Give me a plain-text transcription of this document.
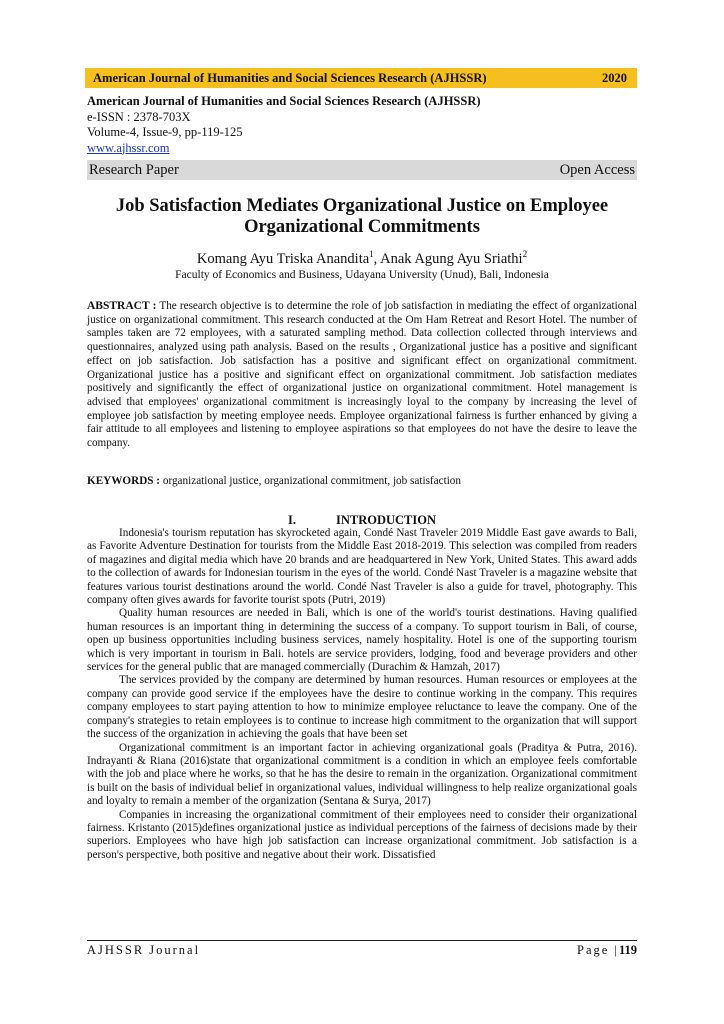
American Journal of Humanities and Social Sciences Research (AJHSSR)	2020
American Journal of Humanities and Social Sciences Research (AJHSSR)
e-ISSN : 2378-703X
Volume-4, Issue-9, pp-119-125
www.ajhssr.com
Research Paper	Open Access
Job Satisfaction Mediates Organizational Justice on Employee
Organizational Commitments
Komang Ayu Triska Anandita$^1$, Anak Agung Ayu Sriathi$^2$
Faculty of Economics and Business, Udayana University (Unud), Bali, Indonesia
ABSTRACT : The research objective is to determine the role of job satisfaction in mediating the effect of organizational justice on organizational commitment. This research conducted at the Om Ham Retreat and Resort Hotel. The number of samples taken are 72 employees, with a saturated sampling method. Data collection collected through interviews and questionnaires, analyzed using path analysis. Based on the results , Organizational justice has a positive and significant effect on job satisfaction. Job satisfaction has a positive and significant effect on organizational commitment. Organizational justice has a positive and significant effect on organizational commitment. Job satisfaction mediates positively and significantly the effect of organizational justice on organizational commitment. Hotel management is advised that employees' organizational commitment is increasingly loyal to the company by increasing the level of employee job satisfaction by meeting employee needs. Employee organizational fairness is further enhanced by giving a fair attitude to all employees and listening to employee aspirations so that employees do not have the desire to leave the company.
KEYWORDS : organizational justice, organizational commitment, job satisfaction
I.	INTRODUCTION

Indonesia's tourism reputation has skyrocketed again, Condé Nast Traveler 2019 Middle East gave awards to Bali, as Favorite Adventure Destination for tourists from the Middle East 2018-2019. This selection was compiled from readers of magazines and digital media which have 20 brands and are headquartered in New York, United States. This award adds to the collection of awards for Indonesian tourism in the eyes of the world. Condé Nast Traveler is a magazine website that features various tourist destinations around the world. Condé Nast Traveler is also a guide for travel, photography. This company often gives awards for favorite tourist spots (Putri, 2019)

Quality human resources are needed in Bali, which is one of the world's tourist destinations. Having qualified human resources is an important thing in determining the success of a company. To support tourism in Bali, of course, open up business opportunities including business services, namely hospitality. Hotel is one of the supporting tourism which is very important in tourism in Bali. hotels are service providers, lodging, food and beverage providers and other services for the general public that are managed commercially (Durachim & Hamzah, 2017)

The services provided by the company are determined by human resources. Human resources or employees at the company can provide good service if the employees have the desire to continue working in the company. This requires company employees to start paying attention to how to minimize employee reluctance to leave the company. One of the company's strategies to retain employees is to continue to increase high commitment to the organization that will support the success of the organization in achieving the goals that have been set

Organizational commitment is an important factor in achieving organizational goals (Praditya & Putra, 2016). Indrayanti & Riana (2016)state that organizational commitment is a condition in which an employee feels comfortable with the job and place where he works, so that he has the desire to remain in the organization. Organizational commitment is built on the basis of individual belief in organizational values, individual willingness to help realize organizational goals and loyalty to remain a member of the organization (Sentana & Surya, 2017)

Companies in increasing the organizational commitment of their employees need to consider their organizational fairness. Kristanto (2015)defines organizational justice as individual perceptions of the fairness of decisions made by their superiors. Employees who have high job satisfaction can increase organizational commitment. Job satisfaction is a person's perspective, both positive and negative about their work. Dissatisfied

AJHSSR Journal	Page |119
